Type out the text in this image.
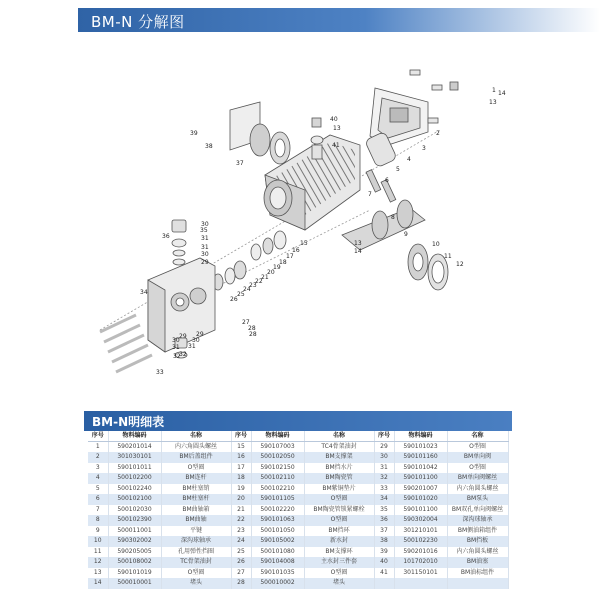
BM-N 分解图
1
2
3
4
5
6
7
8
9
10
11
12
13
14
15
16
17
18
19
20
21
22
23
24
25
26
27
28
29
30
31
32
33
34
35
36
37
38
39
40
41
13
13
14
31
30
29
28
29
30
31
32
31
30
BM-N明细表
序号	物料编码	名称	序号	物料编码	名称	序号	物料编码	名称
1	590201014	内六角圆头螺丝	15	590107003	TC4骨架油封	29	590101023	O型圈
2	301030101	BM后盖组件	16	500102050	BM支撑架	30	590101160	BM单向阀
3	590101011	O型圈	17	590102150	BM挡水片	31	590101042	O型圈
4	500102200	BM连杆	18	500102110	BM陶瓷管	32	590101100	BM单向阀螺丝
5	500102240	BM柱塞销	19	500102210	BM紫铜垫片	33	590201007	内六角圆头螺丝
6	500102100	BM柱塞杆	20	590101105	O型圈	34	590101020	BM泵头
7	500102030	BM曲轴箱	21	500102220	BM陶瓷管锁紧螺栓	35	590101100	BM双孔单向阀螺丝
8	500102390	BM曲轴	22	590101063	O型圈	36	590302004	深沟球轴承
9	500011001	平键	23	500101050	BM挡环	37	301210101	BM侧油箱组件
10	590302002	深沟球轴承	24	590105002	新水封	38	500102230	BM挡板
11	590205005	孔用弹性挡圈	25	500101080	BM支撑环	39	590201016	内六角圆头螺丝
12	500108002	TC骨架油封	26	590104008	主水封三件套	40	101702010	BM油塞
13	590101019	O型圈	27	590101035	O型圈	41	301150101	BM油标组件
14	500010001	堵头	28	500010002	堵头			
